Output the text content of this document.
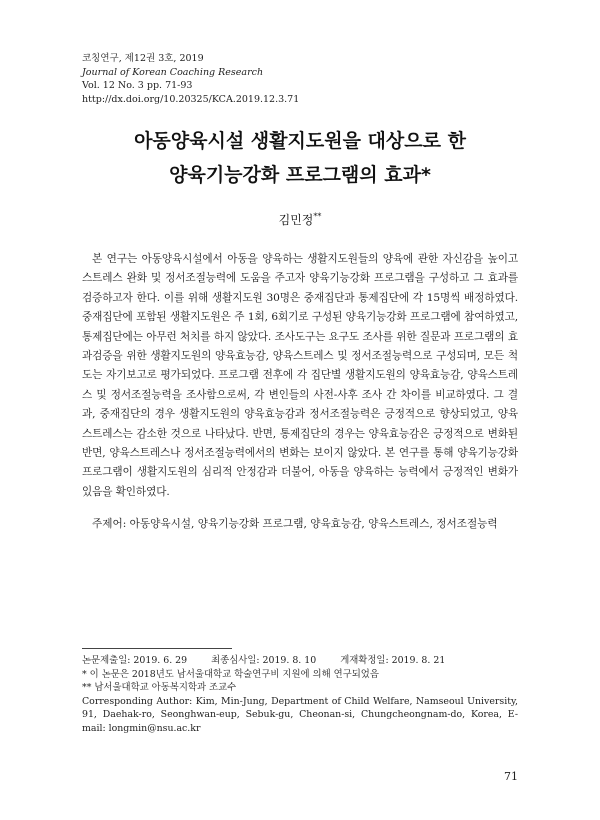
코칭연구, 제12권 3호, 2019
Journal of Korean Coaching Research
Vol. 12 No. 3 pp. 71-93
http://dx.doi.org/10.20325/KCA.2019.12.3.71
아동양육시설 생활지도원을 대상으로 한
양육기능강화 프로그램의 효과*
김민정**

본 연구는 아동양육시설에서 아동을 양육하는 생활지도원들의 양육에 관한 자신감을 높이고 스트레스 완화 및 정서조절능력에 도움을 주고자 양육기능강화 프로그램을 구성하고 그 효과를 검증하고자 한다. 이를 위해 생활지도원 30명은 중재집단과 통제집단에 각 15명씩 배정하였다. 중재집단에 포함된 생활지도원은 주 1회, 6회기로 구성된 양육기능강화 프로그램에 참여하였고, 통제집단에는 아무런 처치를 하지 않았다. 조사도구는 요구도 조사를 위한 질문과 프로그램의 효과검증을 위한 생활지도원의 양육효능감, 양육스트레스 및 정서조절능력으로 구성되며, 모든 척도는 자기보고로 평가되었다. 프로그램 전후에 각 집단별 생활지도원의 양육효능감, 양육스트레스 및 정서조절능력을 조사함으로써, 각 변인들의 사전-사후 조사 간 차이를 비교하였다. 그 결과, 중재집단의 경우 생활지도원의 양육효능감과 정서조절능력은 긍정적으로 향상되었고, 양육스트레스는 감소한 것으로 나타났다. 반면, 통제집단의 경우는 양육효능감은 긍정적으로 변화된 반면, 양육스트레스나 정서조절능력에서의 변화는 보이지 않았다. 본 연구를 통해 양육기능강화 프로그램이 생활지도원의 심리적 안정감과 더불어, 아동을 양육하는 능력에서 긍정적인 변화가 있음을 확인하였다.

주제어: 아동양육시설, 양육기능강화 프로그램, 양육효능감, 양육스트레스, 정서조절능력
논문제출일: 2019. 6. 29	최종심사일: 2019. 8. 10	게재확정일: 2019. 8. 21
* 이 논문은 2018년도 남서울대학교 학술연구비 지원에 의해 연구되었음
** 남서울대학교 아동복지학과 조교수
Corresponding Author: Kim, Min-Jung, Department of Child Welfare, Namseoul University, 91, Daehak-ro, Seonghwan-eup, Sebuk-gu, Cheonan-si, Chungcheongnam-do, Korea, E-mail: longmin@nsu.ac.kr
71
